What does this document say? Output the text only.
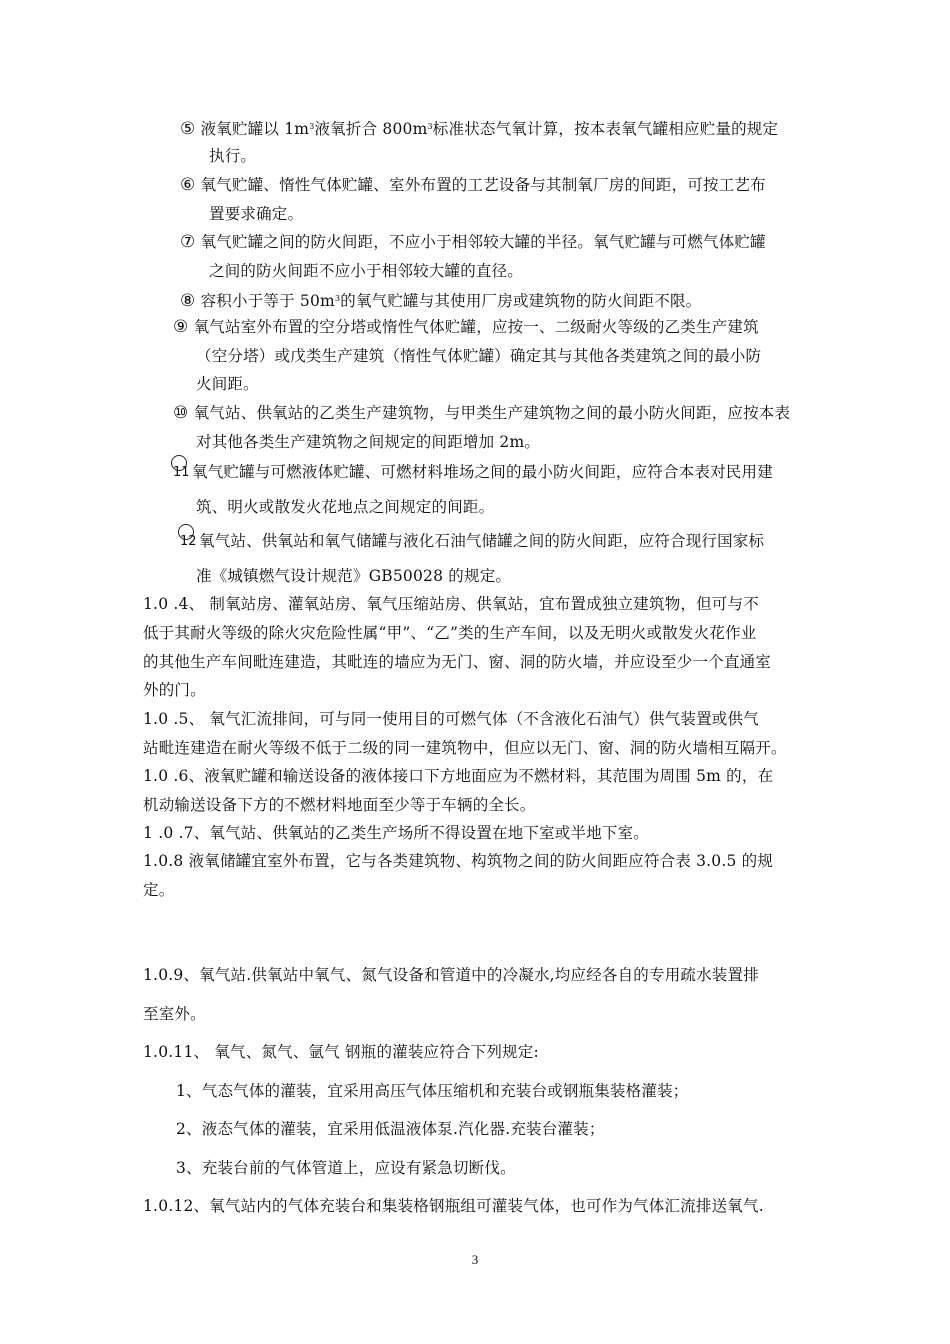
⑤ 液氧贮罐以 $1m^3$液氧折合 $800m^3$标准状态气氧计算，按本表氧气罐相应贮量的规定
执行。
⑥ 氧气贮罐、惰性气体贮罐、室外布置的工艺设备与其制氧厂房的间距，可按工艺布
置要求确定。
⑦ 氧气贮罐之间的防火间距，不应小于相邻较大罐的半径。氧气贮罐与可燃气体贮罐
之间的防火间距不应小于相邻较大罐的直径。
⑧ 容积小于等于 $50m^3$的氧气贮罐与其使用厂房或建筑物的防火间距不限。
⑨ 氧气站室外布置的空分塔或惰性气体贮罐，应按一、二级耐火等级的乙类生产建筑
（空分塔）或戊类生产建筑（惰性气体贮罐）确定其与其他各类建筑之间的最小防
火间距。
⑩ 氧气站、供氧站的乙类生产建筑物，与甲类生产建筑物之间的最小防火间距，应按本表
对其他各类生产建筑物之间规定的间距增加 2m。
11 氧气贮罐与可燃液体贮罐、可燃材料堆场之间的最小防火间距，应符合本表对民用建
筑、明火或散发火花地点之间规定的间距。
12 氧气站、供氧站和氧气储罐与液化石油气储罐之间的防火间距，应符合现行国家标
准《城镇燃气设计规范》GB50028 的规定。
1.0 .4、 制氧站房、灌氧站房、氧气压缩站房、供氧站，宜布置成独立建筑物，但可与不
低于其耐火等级的除火灾危险性属“甲”、“乙”类的生产车间，以及无明火或散发火花作业
的其他生产车间毗连建造，其毗连的墙应为无门、窗、洞的防火墙，并应设至少一个直通室
外的门。
1.0 .5、 氧气汇流排间，可与同一使用目的可燃气体（不含液化石油气）供气装置或供气
站毗连建造在耐火等级不低于二级的同一建筑物中，但应以无门、窗、洞的防火墙相互隔开。
1.0 .6、液氧贮罐和输送设备的液体接口下方地面应为不燃材料，其范围为周围 5m 的，在
机动输送设备下方的不燃材料地面至少等于车辆的全长。
1 .0 .7、氧气站、供氧站的乙类生产场所不得设置在地下室或半地下室。
1.0.8 液氧储罐宜室外布置，它与各类建筑物、构筑物之间的防火间距应符合表 3.0.5 的规
定。
1.0.9、氧气站.供氧站中氧气、氮气设备和管道中的冷凝水,均应经各自的专用疏水装置排
至室外。
1.0.11、 氧气、氮气、氩气 钢瓶的灌装应符合下列规定:
1、气态气体的灌装，宜采用高压气体压缩机和充装台或钢瓶集装格灌装；
2、液态气体的灌装，宜采用低温液体泵.汽化器.充装台灌装；
3、充装台前的气体管道上，应设有紧急切断伐。
1.0.12、氧气站内的气体充装台和集装格钢瓶组可灌装气体，也可作为气体汇流排送氧气.
3
